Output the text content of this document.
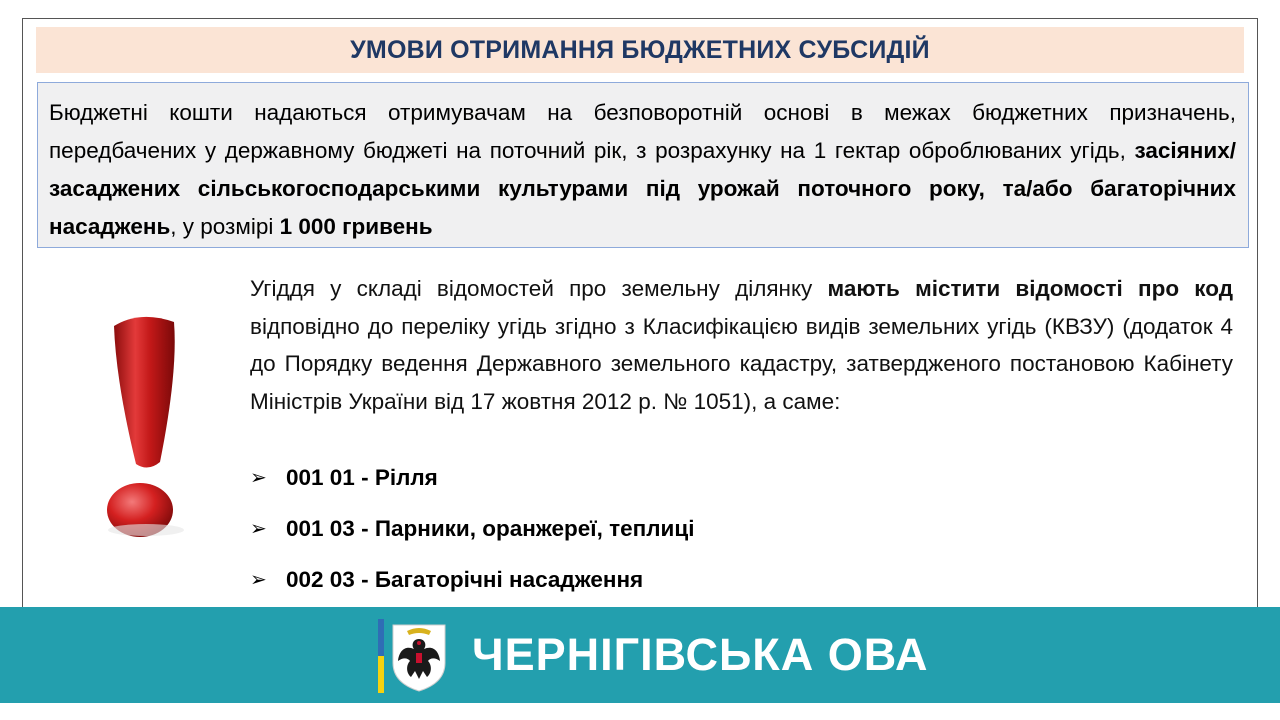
УМОВИ ОТРИМАННЯ БЮДЖЕТНИХ СУБСИДІЙ
Бюджетні кошти надаються отримувачам на безповоротній основі в межах бюджетних призначень, передбачених у державному бюджеті на поточний рік, з розрахунку на 1 гектар оброблюваних угідь, засіяних/засаджених сільськогосподарськими культурами під урожай поточного року, та/або багаторічних насаджень, у розмірі 1 000 гривень
Угіддя у складі відомостей про земельну ділянку мають містити відомості про код відповідно до переліку угідь згідно з Класифікацією видів земельних угідь (КВЗУ) (додаток 4 до Порядку ведення Державного земельного кадастру, затвердженого постановою Кабінету Міністрів України від 17 жовтня 2012 р. № 1051), а саме:
➢ 001 01 - Рілля
➢ 001 03 - Парники, оранжереї, теплиці
➢ 002 03 - Багаторічні насадження
ЧЕРНІГІВСЬКА ОВА
